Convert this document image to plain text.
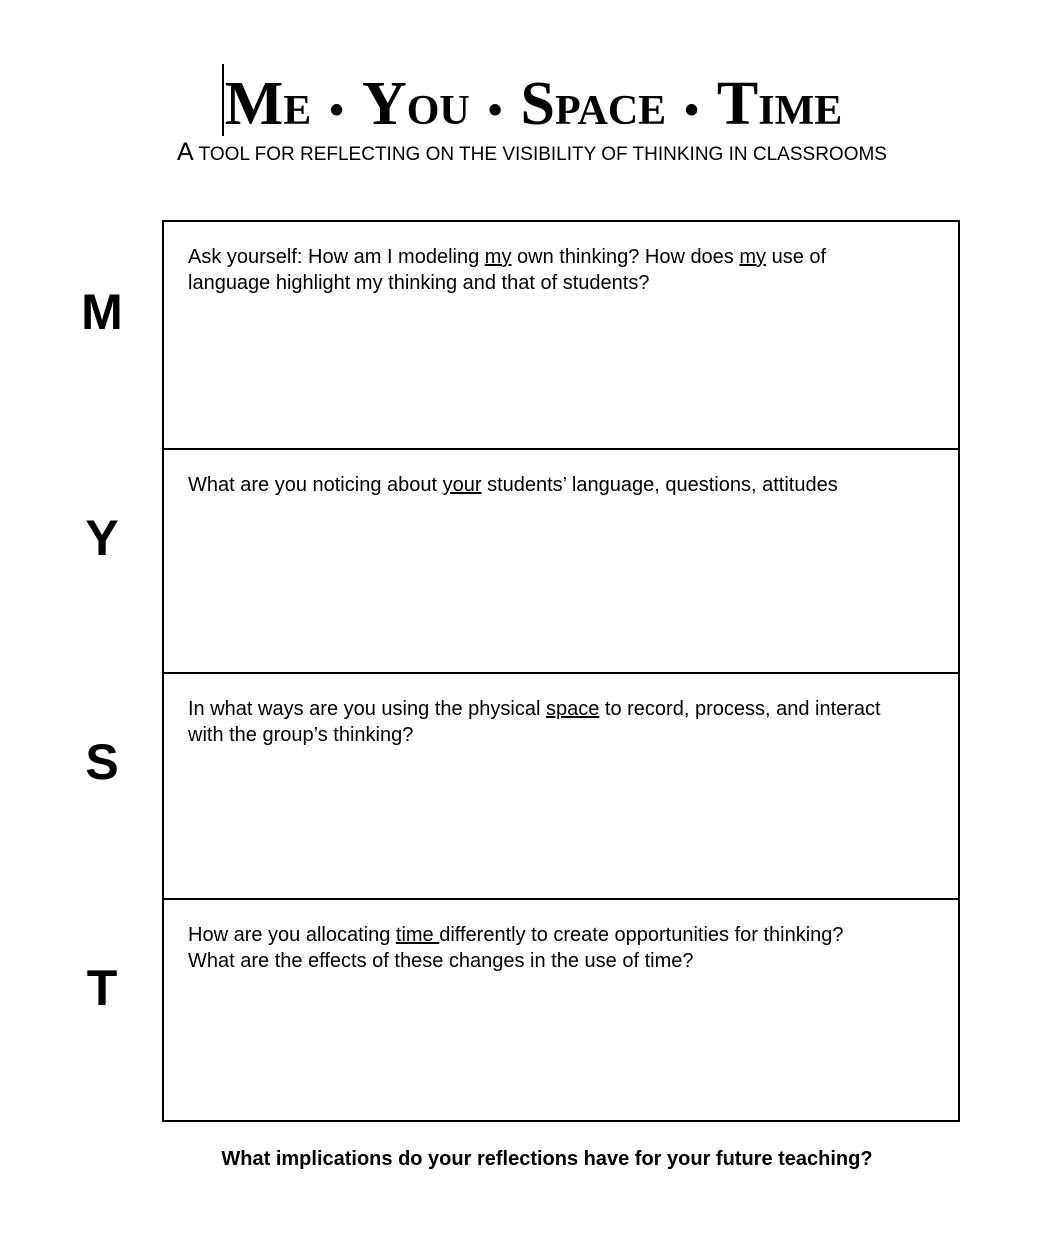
ME • YOU • SPACE • TIME
A TOOL FOR REFLECTING ON THE VISIBILITY OF THINKING IN CLASSROOMS
M
Y
S
T
Ask yourself: How am I modeling my own thinking? How does my use of
language highlight my thinking and that of students?
What are you noticing about your students’ language, questions, attitudes
In what ways are you using the physical space to record, process, and interact
with the group’s thinking?
How are you allocating time differently to create opportunities for thinking?
What are the effects of these changes in the use of time?
What implications do your reflections have for your future teaching?
